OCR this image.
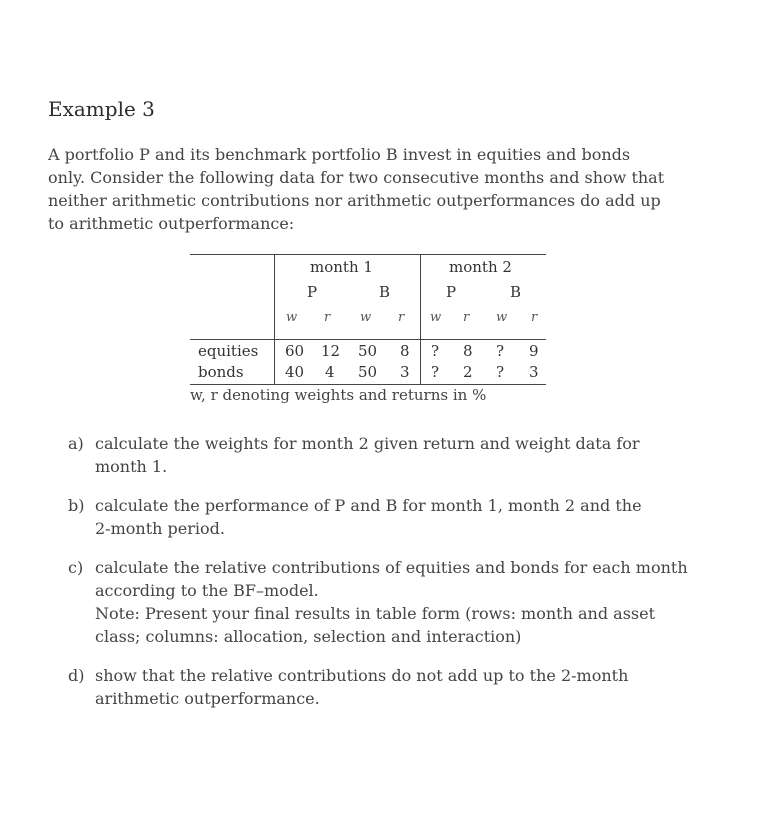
Example 3

A portfolio P and its benchmark portfolio B invest in equities and bonds
only. Consider the following data for two consecutive months and show that
neither arithmetic contributions nor arithmetic outperformances do add up
to arithmetic outperformance:

month 1	month 2
P	B	P	B
w r w r w r w r
equities 60 12 50 8 ? 8 ? 9
bonds	40 4 50 3 ? 2 ? 3
w, r denoting weights and returns in %
a) calculate the weights for month 2 given return and weight data for
month 1.
b) calculate the performance of P and B for month 1, month 2 and the
2-month period.
c) calculate the relative contributions of equities and bonds for each month
according to the BF–model.
Note: Present your final results in table form (rows: month and asset
class; columns: allocation, selection and interaction)
d) show that the relative contributions do not add up to the 2-month
arithmetic outperformance.
